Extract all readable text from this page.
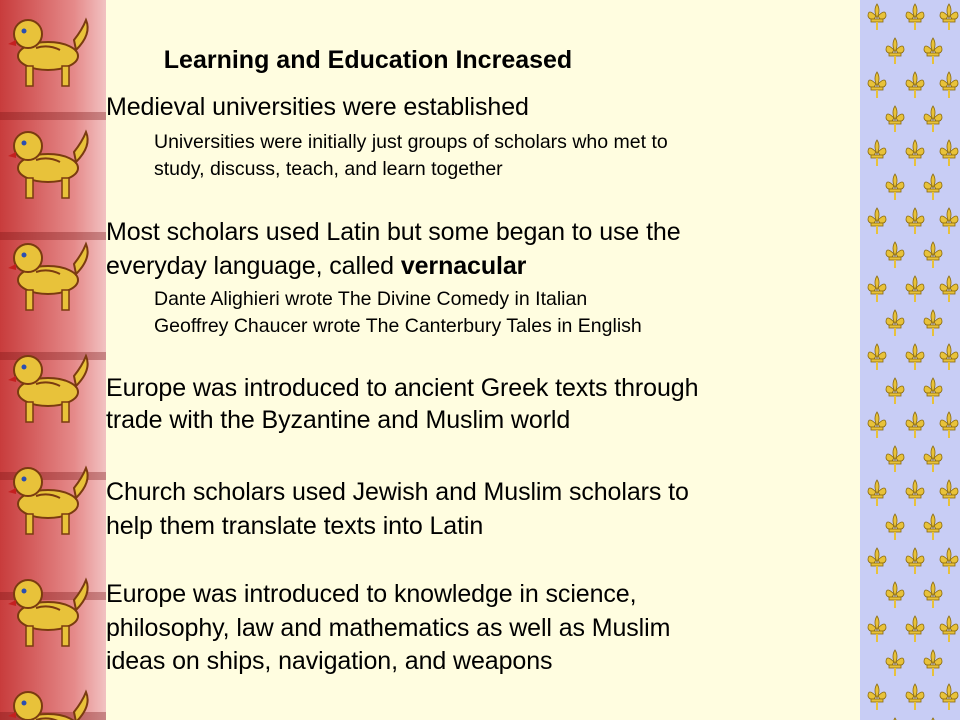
Learning and Education Increased
Medieval universities were established
Universities were initially just groups of scholars who met to
study, discuss, teach, and learn together
Most scholars used Latin but some began to use the
everyday language, called vernacular
Dante Alighieri wrote The Divine Comedy in Italian
Geoffrey Chaucer wrote The Canterbury Tales in English
Europe was introduced to ancient Greek texts through
trade with the Byzantine and Muslim world
Church scholars used Jewish and Muslim scholars to
help them translate texts into Latin
Europe was introduced to knowledge in science,
philosophy, law and mathematics as well as Muslim
ideas on ships, navigation, and weapons
